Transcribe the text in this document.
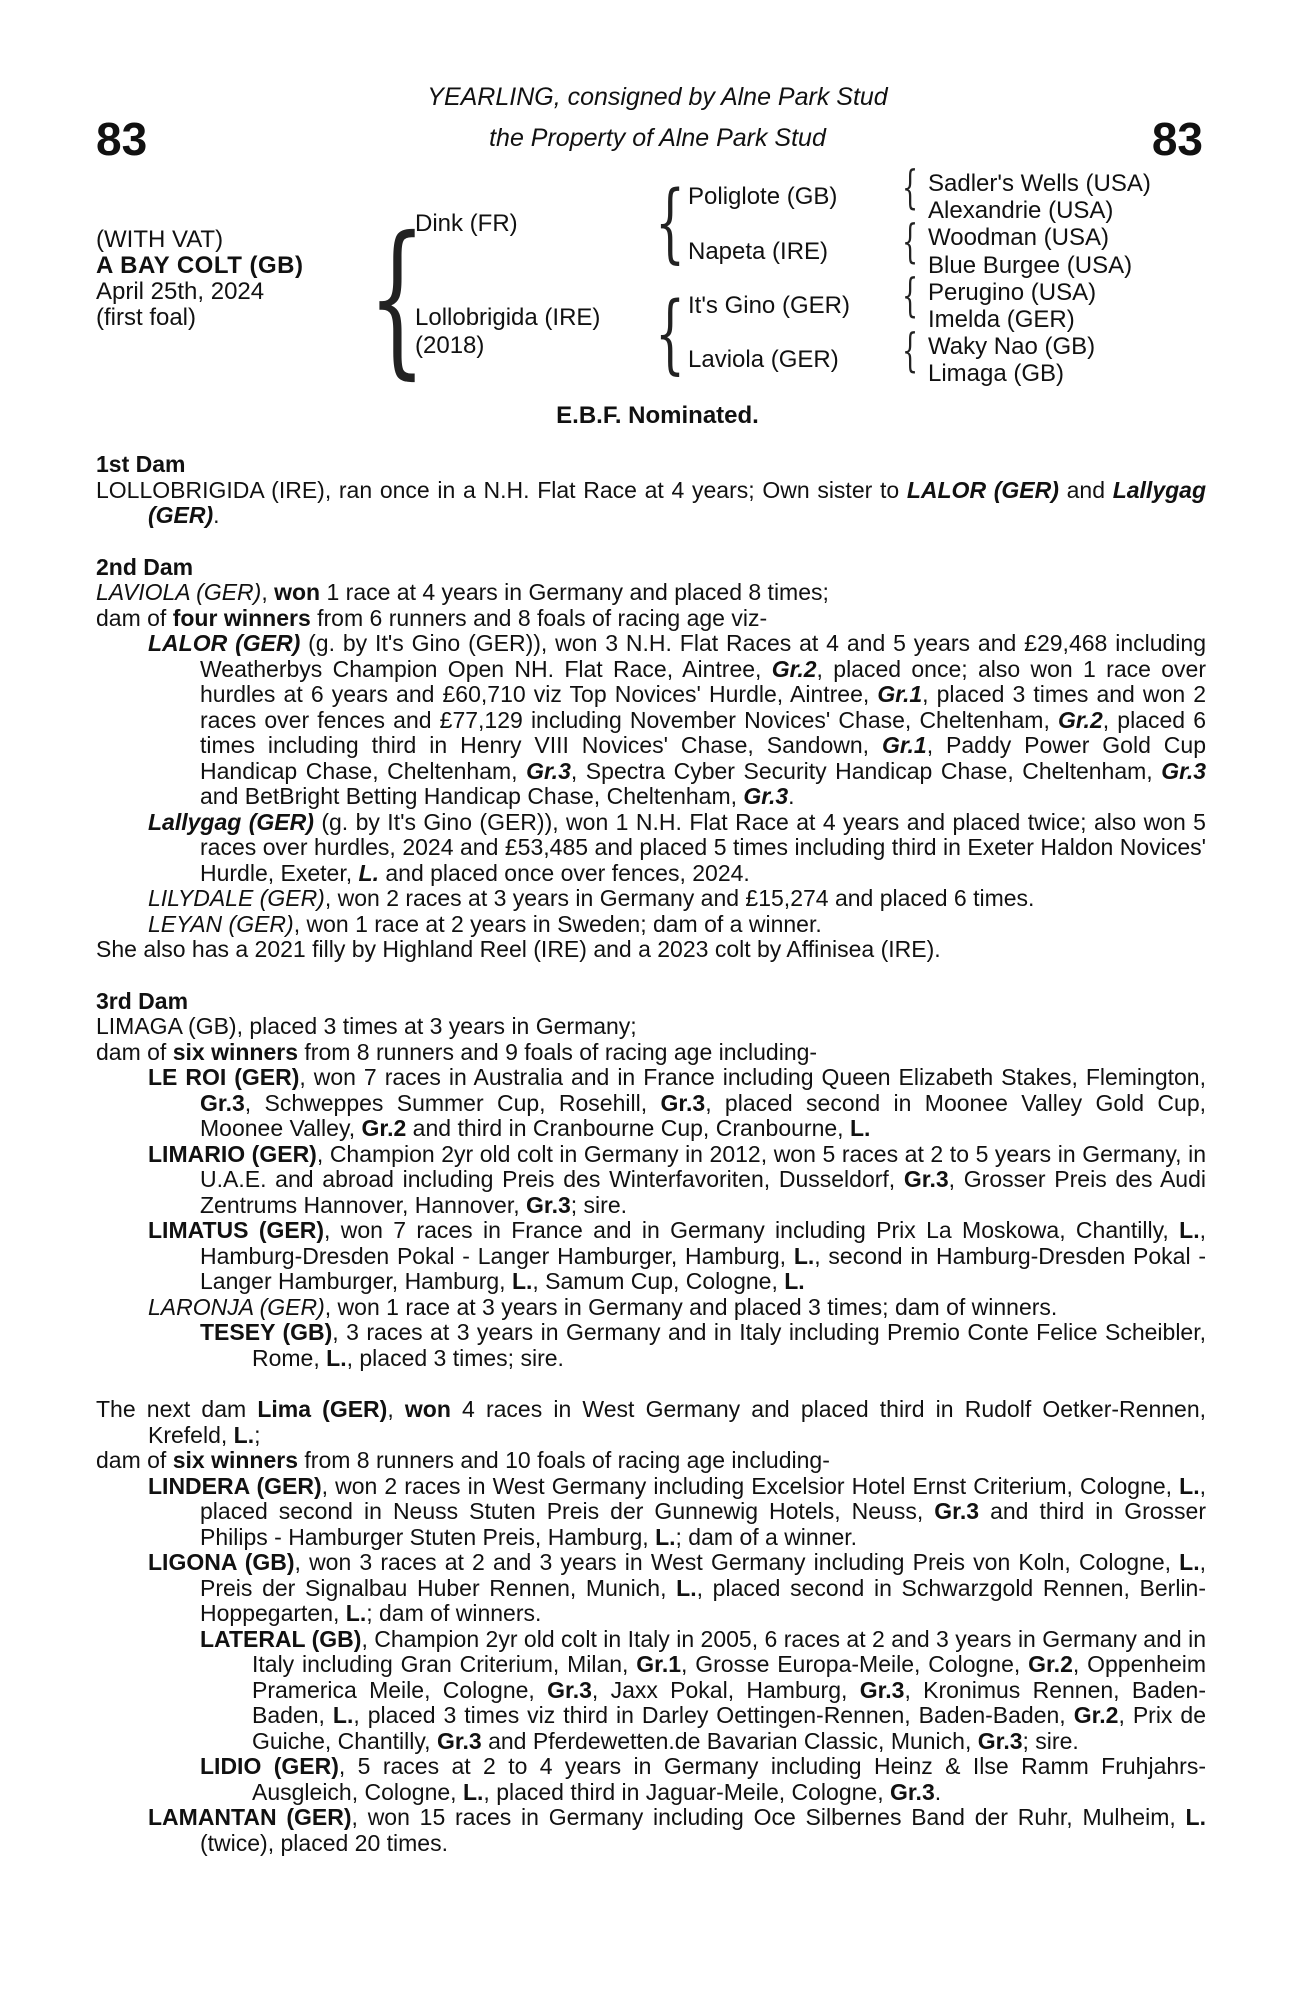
83	83
YEARLING, consigned by Alne Park Stud
the Property of Alne Park Stud
(WITH VAT)
A BAY COLT (GB)
April 25th, 2024
(first foal) {	{
{
{
{
{
{
Dink (FR)
Lollobrigida (IRE)
(2018)
Poliglote (GB)
Napeta (IRE)
It's Gino (GER)
Laviola (GER)
Sadler's Wells (USA)
Alexandrie (USA)
Woodman (USA)
Blue Burgee (USA)
Perugino (USA)
Imelda (GER)
Waky Nao (GB)
Limaga (GB)
E.B.F. Nominated.

1st Dam

LOLLOBRIGIDA (IRE), ran once in a N.H. Flat Race at 4 years; Own sister to LALOR (GER) and Lallygag (GER).

2nd Dam

LAVIOLA (GER), won 1 race at 4 years in Germany and placed 8 times;

dam of four winners from 6 runners and 8 foals of racing age viz-

LALOR (GER) (g. by It's Gino (GER)), won 3 N.H. Flat Races at 4 and 5 years and £29,468 including Weatherbys Champion Open NH. Flat Race, Aintree, Gr.2, placed once; also won 1 race over hurdles at 6 years and £60,710 viz Top Novices' Hurdle, Aintree, Gr.1, placed 3 times and won 2 races over fences and £77,129 including November Novices' Chase, Cheltenham, Gr.2, placed 6 times including third in Henry VIII Novices' Chase, Sandown, Gr.1, Paddy Power Gold Cup Handicap Chase, Cheltenham, Gr.3, Spectra Cyber Security Handicap Chase, Cheltenham, Gr.3 and BetBright Betting Handicap Chase, Cheltenham, Gr.3.

Lallygag (GER) (g. by It's Gino (GER)), won 1 N.H. Flat Race at 4 years and placed twice; also won 5 races over hurdles, 2024 and £53,485 and placed 5 times including third in Exeter Haldon Novices' Hurdle, Exeter, L. and placed once over fences, 2024.

LILYDALE (GER), won 2 races at 3 years in Germany and £15,274 and placed 6 times.

LEYAN (GER), won 1 race at 2 years in Sweden; dam of a winner.

She also has a 2021 filly by Highland Reel (IRE) and a 2023 colt by Affinisea (IRE).

3rd Dam

LIMAGA (GB), placed 3 times at 3 years in Germany;

dam of six winners from 8 runners and 9 foals of racing age including-

LE ROI (GER), won 7 races in Australia and in France including Queen Elizabeth Stakes, Flemington, Gr.3, Schweppes Summer Cup, Rosehill, Gr.3, placed second in Moonee Valley Gold Cup, Moonee Valley, Gr.2 and third in Cranbourne Cup, Cranbourne, L.

LIMARIO (GER), Champion 2yr old colt in Germany in 2012, won 5 races at 2 to 5 years in Germany, in U.A.E. and abroad including Preis des Winterfavoriten, Dusseldorf, Gr.3, Grosser Preis des Audi Zentrums Hannover, Hannover, Gr.3; sire.

LIMATUS (GER), won 7 races in France and in Germany including Prix La Moskowa, Chantilly, L., Hamburg-Dresden Pokal - Langer Hamburger, Hamburg, L., second in Hamburg-Dresden Pokal - Langer Hamburger, Hamburg, L., Samum Cup, Cologne, L.

LARONJA (GER), won 1 race at 3 years in Germany and placed 3 times; dam of winners.

TESEY (GB), 3 races at 3 years in Germany and in Italy including Premio Conte Felice Scheibler, Rome, L., placed 3 times; sire.

The next dam Lima (GER), won 4 races in West Germany and placed third in Rudolf Oetker-Rennen, Krefeld, L.;

dam of six winners from 8 runners and 10 foals of racing age including-

LINDERA (GER), won 2 races in West Germany including Excelsior Hotel Ernst Criterium, Cologne, L., placed second in Neuss Stuten Preis der Gunnewig Hotels, Neuss, Gr.3 and third in Grosser Philips - Hamburger Stuten Preis, Hamburg, L.; dam of a winner.

LIGONA (GB), won 3 races at 2 and 3 years in West Germany including Preis von Koln, Cologne, L., Preis der Signalbau Huber Rennen, Munich, L., placed second in Schwarzgold Rennen, Berlin-Hoppegarten, L.; dam of winners.

LATERAL (GB), Champion 2yr old colt in Italy in 2005, 6 races at 2 and 3 years in Germany and in Italy including Gran Criterium, Milan, Gr.1, Grosse Europa-Meile, Cologne, Gr.2, Oppenheim Pramerica Meile, Cologne, Gr.3, Jaxx Pokal, Hamburg, Gr.3, Kronimus Rennen, Baden-Baden, L., placed 3 times viz third in Darley Oettingen-Rennen, Baden-Baden, Gr.2, Prix de Guiche, Chantilly, Gr.3 and Pferdewetten.de Bavarian Classic, Munich, Gr.3; sire.

LIDIO (GER), 5 races at 2 to 4 years in Germany including Heinz & Ilse Ramm Fruhjahrs-Ausgleich, Cologne, L., placed third in Jaguar-Meile, Cologne, Gr.3.

LAMANTAN (GER), won 15 races in Germany including Oce Silbernes Band der Ruhr, Mulheim, L. (twice), placed 20 times.
